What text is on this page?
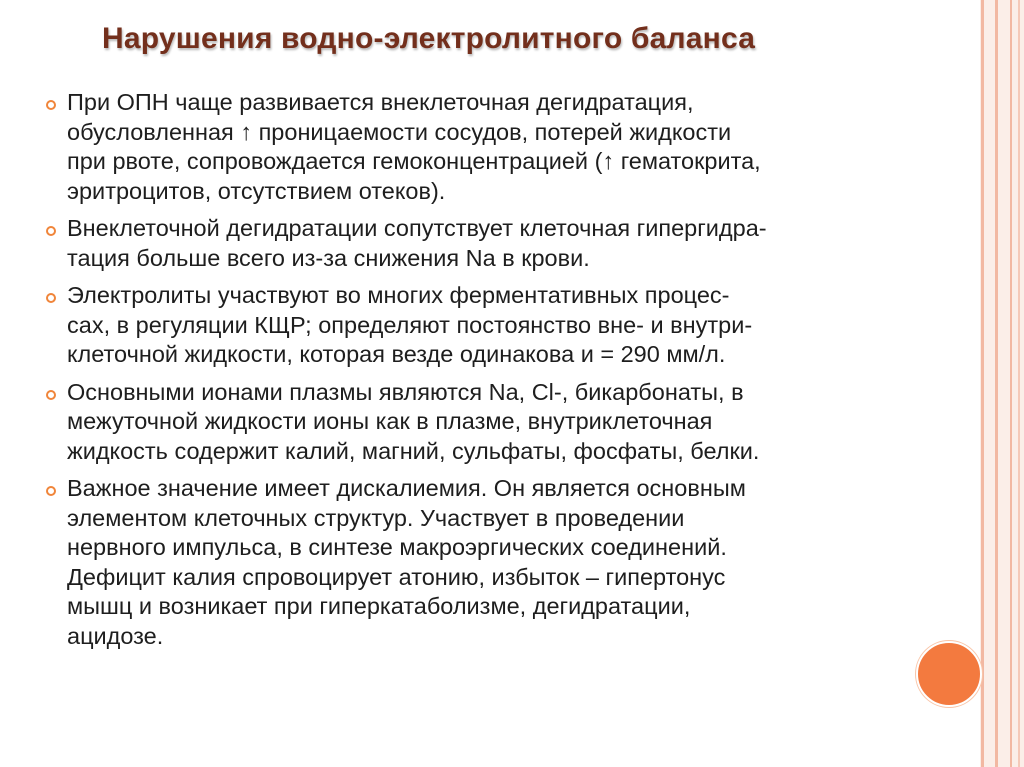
Нарушения водно-электролитного баланса
При ОПН чаще развивается внеклеточная дегидратация,
обусловленная ↑ проницаемости сосудов, потерей жидкости
при рвоте, сопровождается гемоконцентрацией (↑ гематокрита,
эритроцитов, отсутствием отеков).
Внеклеточной дегидратации сопутствует клеточная гипергидра-
тация больше всего из-за снижения Na в крови.
Электролиты участвуют во многих ферментативных процес-
сах, в регуляции КЩР; определяют постоянство вне- и внутри-
клеточной жидкости, которая везде одинакова и = 290 мм/л.
Основными ионами плазмы являются Na, Cl-, бикарбонаты, в
межуточной жидкости ионы как в плазме, внутриклеточная
жидкость содержит калий, магний, сульфаты, фосфаты, белки.
Важное значение имеет дискалиемия. Он является основным
элементом клеточных структур. Участвует в проведении
нервного импульса, в синтезе макроэргических соединений.
Дефицит калия спровоцирует атонию, избыток – гипертонус
мышц и возникает при гиперкатаболизме, дегидратации,
ацидозе.
